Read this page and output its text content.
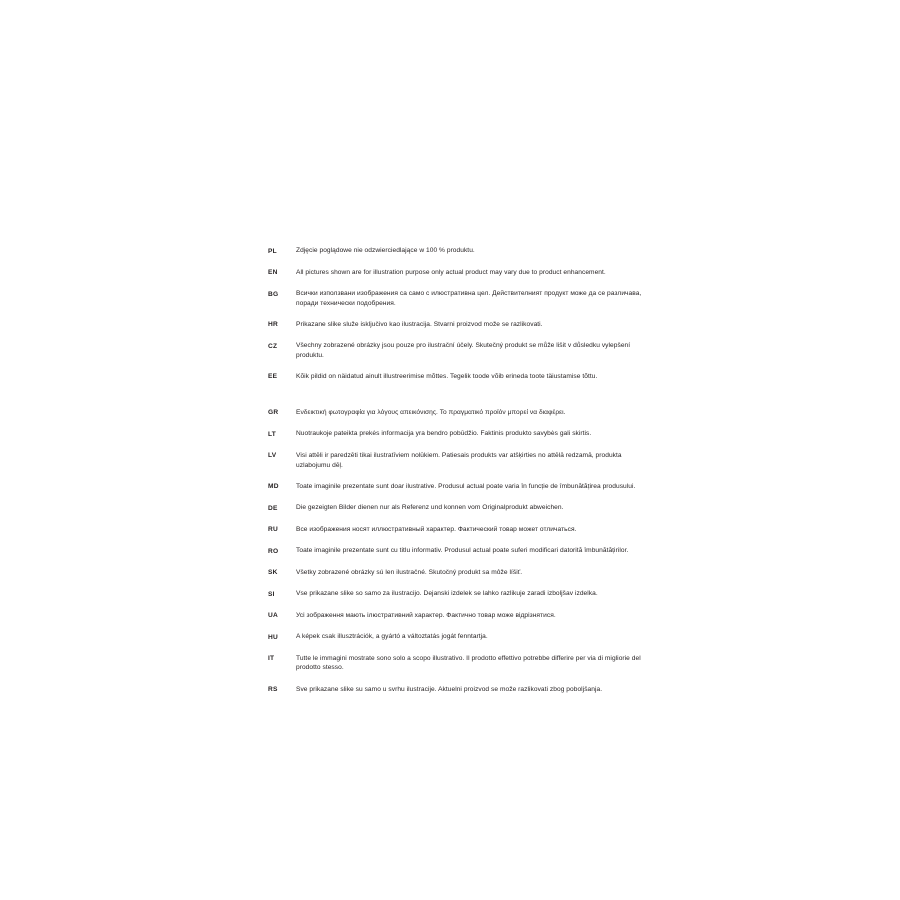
PL	Zdjęcie poglądowe nie odzwierciedlające w 100 % produktu.
EN	All pictures shown are for illustration purpose only actual product may vary due to product enhancement.
BG	Всички използвани изображения са само с илюстративна цел. Действителният продукт може да се различава, поради технически подобрения.
HR	Prikazane slike služe isključivo kao ilustracija. Stvarni proizvod može se razlikovati.
CZ	Všechny zobrazené obrázky jsou pouze pro ilustrační účely. Skutečný produkt se může lišit v důsledku vylepšení produktu.
EE	Kõik pildid on näidatud ainult illustreerimise mõttes. Tegelik toode võib erineda toote täiustamise tõttu.
GR	Ενδεικτική φωτογραφία για λόγους απεικόνισης. Το πραγματικό προϊόν μπορεί να διαφέρει.
LT	Nuotraukoje pateikta prekės informacija yra bendro pobūdžio. Faktinis produkto savybės gali skirtis.
LV	Visi attēli ir paredzēti tikai ilustratīviem nolūkiem. Patiesais produkts var atšķirties no attēlā redzamā, produkta uzlabojumu dēļ.
MD	Toate imaginile prezentate sunt doar ilustrative. Produsul actual poate varia în funcție de îmbunătățirea produsului.
DE	Die gezeigten Bilder dienen nur als Referenz und konnen vom Originalprodukt abweichen.
RU	Все изображения носят иллюстративный характер. Фактический товар может отличаться.
RO	Toate imaginile prezentate sunt cu titlu informativ. Produsul actual poate suferi modificari datorită îmbunătățirilor.
SK	Všetky zobrazené obrázky sú len ilustračné. Skutočný produkt sa môže líšiť.
SI	Vse prikazane slike so samo za ilustracijo. Dejanski izdelek se lahko razlikuje zaradi izboljšav izdelka.
UA	Усі зображення мають ілюстративний характер. Фактично товар може відрізнятися.
HU	A képek csak illusztrációk, a gyártó a változtatás jogát fenntartja.
IT	Tutte le immagini mostrate sono solo a scopo illustrativo. Il prodotto effettivo potrebbe differire per via di migliorie del prodotto stesso.
RS	Sve prikazane slike su samo u svrhu ilustracije. Aktuelni proizvod se može razlikovati zbog poboljšanja.
